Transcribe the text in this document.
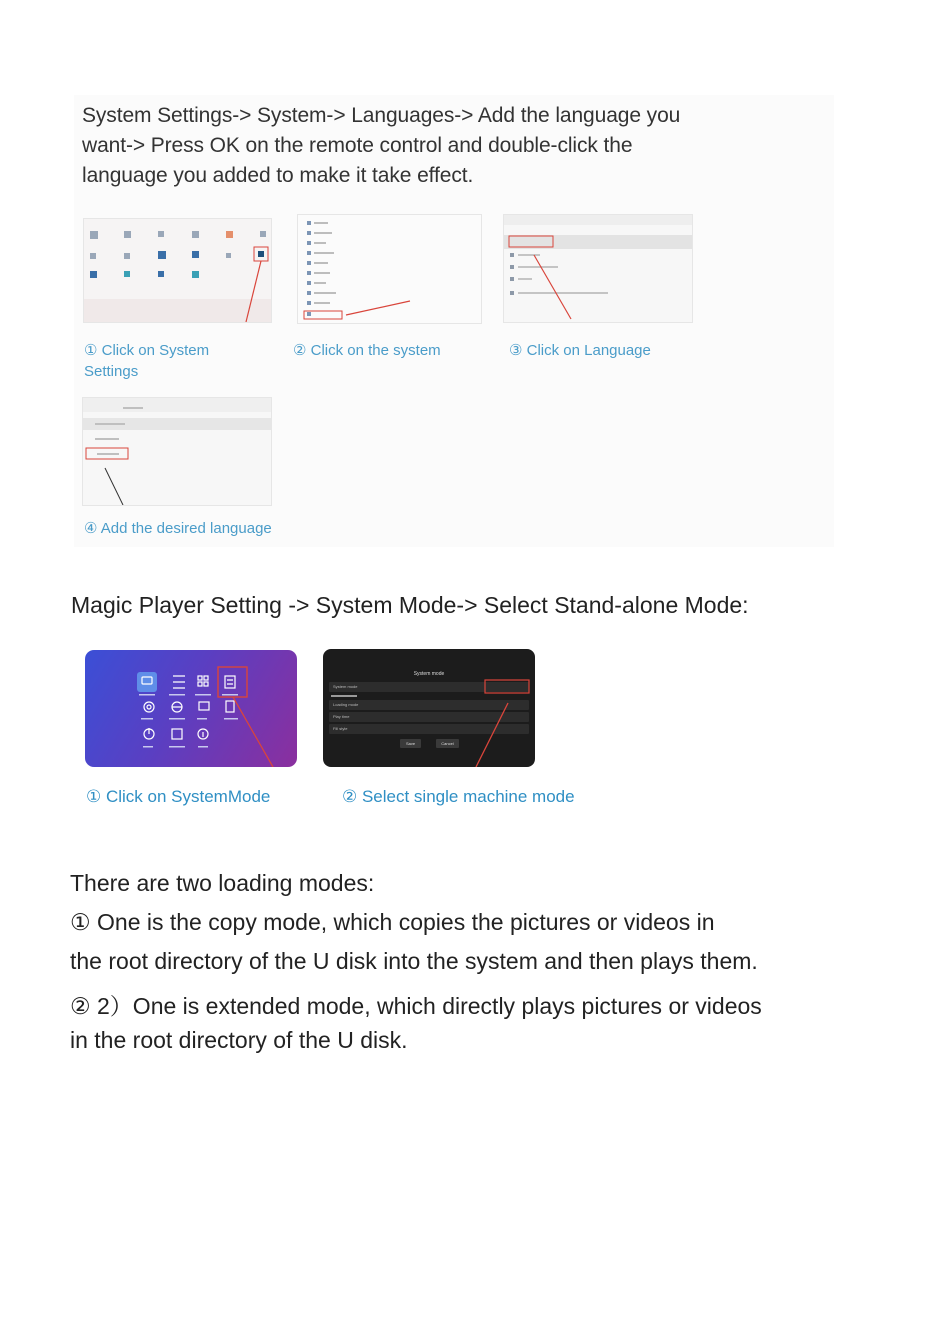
System Settings-> System-> Languages-> Add the language you
want-> Press OK on the remote control and double-click the
language you added to make it take effect.
① Click on System
Settings
② Click on the system	③ Click on Language
④ Add the desired language
Magic Player Setting -> System Mode-> Select Stand-alone Mode:
System mode
System mode
Loading mode
Play time
Fill style
Save	Cancel
① Click on SystemMode	② Select single machine mode
There are two loading modes:
① One is the copy mode, which copies the pictures or videos in
the root directory of the U disk into the system and then plays them.
② 2）One is extended mode, which directly plays pictures or videos
in the root directory of the U disk.
